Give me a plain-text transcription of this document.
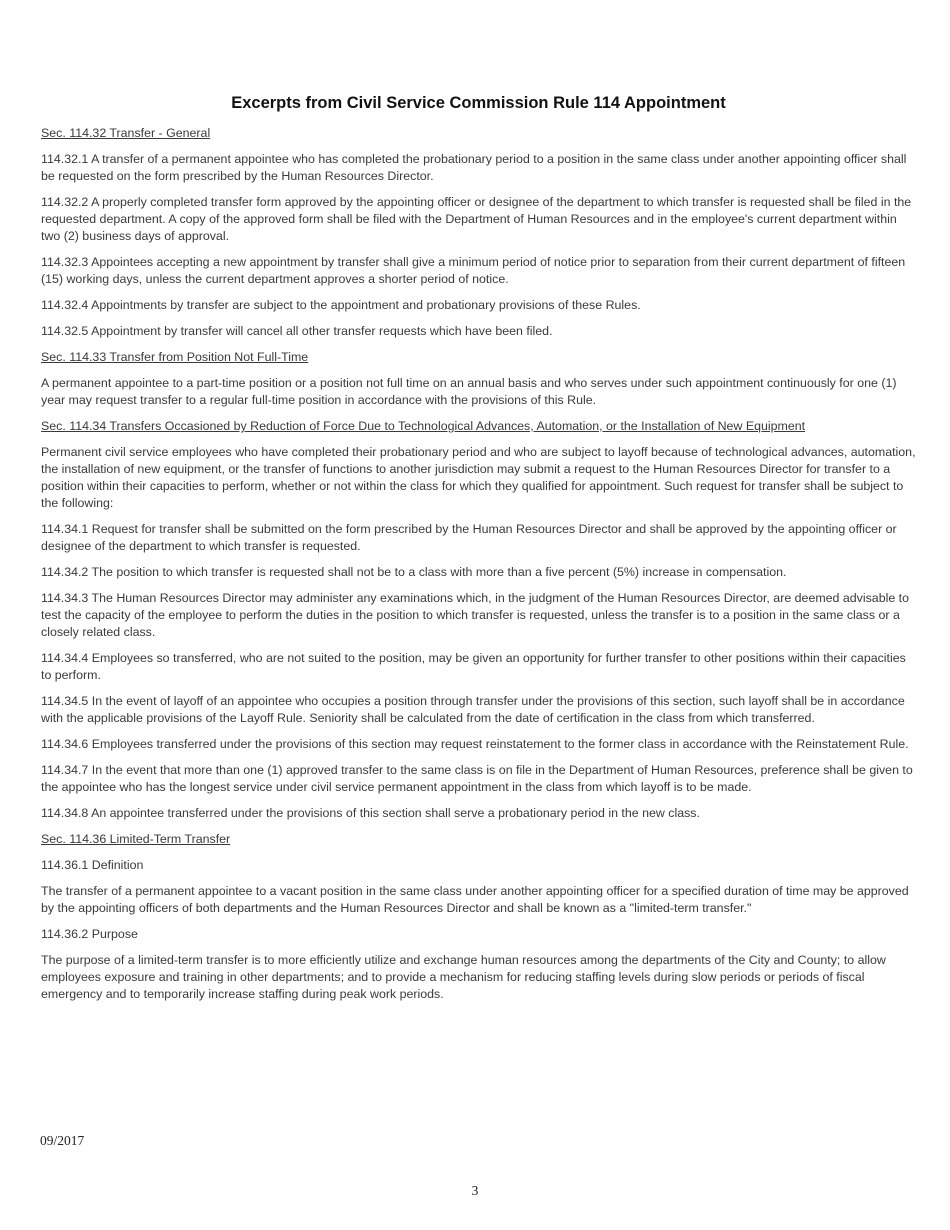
Excerpts from Civil Service Commission Rule 114 Appointment
Sec. 114.32 Transfer - General
114.32.1 A transfer of a permanent appointee who has completed the probationary period to a position in the same class under another appointing officer shall be requested on the form prescribed by the Human Resources Director.
114.32.2 A properly completed transfer form approved by the appointing officer or designee of the department to which transfer is requested shall be filed in the requested department. A copy of the approved form shall be filed with the Department of Human Resources and in the employee's current department within two (2) business days of approval.
114.32.3 Appointees accepting a new appointment by transfer shall give a minimum period of notice prior to separation from their current department of fifteen (15) working days, unless the current department approves a shorter period of notice.
114.32.4 Appointments by transfer are subject to the appointment and probationary provisions of these Rules.
114.32.5 Appointment by transfer will cancel all other transfer requests which have been filed.
Sec. 114.33 Transfer from Position Not Full-Time
A permanent appointee to a part-time position or a position not full time on an annual basis and who serves under such appointment continuously for one (1) year may request transfer to a regular full-time position in accordance with the provisions of this Rule.
Sec. 114.34 Transfers Occasioned by Reduction of Force Due to Technological Advances, Automation, or the Installation of New Equipment
Permanent civil service employees who have completed their probationary period and who are subject to layoff because of technological advances, automation, the installation of new equipment, or the transfer of functions to another jurisdiction may submit a request to the Human Resources Director for transfer to a position within their capacities to perform, whether or not within the class for which they qualified for appointment. Such request for transfer shall be subject to the following:
114.34.1 Request for transfer shall be submitted on the form prescribed by the Human Resources Director and shall be approved by the appointing officer or designee of the department to which transfer is requested.
114.34.2 The position to which transfer is requested shall not be to a class with more than a five percent (5%) increase in compensation.
114.34.3 The Human Resources Director may administer any examinations which, in the judgment of the Human Resources Director, are deemed advisable to test the capacity of the employee to perform the duties in the position to which transfer is requested, unless the transfer is to a position in the same class or a closely related class.
114.34.4 Employees so transferred, who are not suited to the position, may be given an opportunity for further transfer to other positions within their capacities to perform.
114.34.5 In the event of layoff of an appointee who occupies a position through transfer under the provisions of this section, such layoff shall be in accordance with the applicable provisions of the Layoff Rule. Seniority shall be calculated from the date of certification in the class from which transferred.
114.34.6 Employees transferred under the provisions of this section may request reinstatement to the former class in accordance with the Reinstatement Rule.
114.34.7 In the event that more than one (1) approved transfer to the same class is on file in the Department of Human Resources, preference shall be given to the appointee who has the longest service under civil service permanent appointment in the class from which layoff is to be made.
114.34.8 An appointee transferred under the provisions of this section shall serve a probationary period in the new class.
Sec. 114.36 Limited-Term Transfer
114.36.1 Definition
The transfer of a permanent appointee to a vacant position in the same class under another appointing officer for a specified duration of time may be approved by the appointing officers of both departments and the Human Resources Director and shall be known as a "limited-term transfer."
114.36.2 Purpose
The purpose of a limited-term transfer is to more efficiently utilize and exchange human resources among the departments of the City and County; to allow employees exposure and training in other departments; and to provide a mechanism for reducing staffing levels during slow periods or periods of fiscal emergency and to temporarily increase staffing during peak work periods.
09/2017
3
